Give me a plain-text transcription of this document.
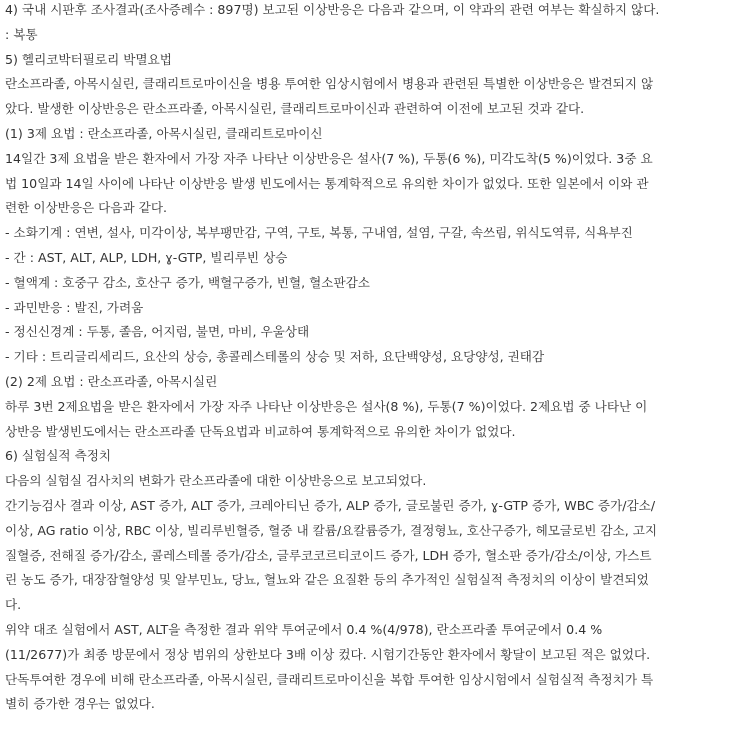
4) 국내 시판후 조사결과(조사증례수 : 897명) 보고된 이상반응은 다음과 같으며, 이 약과의 관련 여부는 확실하지 않다.
: 복통
5) 헬리코박터필로리 박멸요법
란소프라졸, 아목시실린, 클래리트로마이신을 병용 투여한 임상시험에서 병용과 관련된 특별한 이상반응은 발견되지 않
았다. 발생한 이상반응은 란소프라졸, 아목시실린, 클래리트로마이신과 관련하여 이전에 보고된 것과 같다.
(1) 3제 요법 : 란소프라졸, 아목시실린, 클래리트로마이신
14일간 3제 요법을 받은 환자에서 가장 자주 나타난 이상반응은 설사(7 %), 두통(6 %), 미각도착(5 %)이었다. 3중 요
법 10일과 14일 사이에 나타난 이상반응 발생 빈도에서는 통계학적으로 유의한 차이가 없었다. 또한 일본에서 이와 관
련한 이상반응은 다음과 같다.
- 소화기계 : 연변, 설사, 미각이상, 복부팽만감, 구역, 구토, 복통, 구내염, 설염, 구갈, 속쓰림, 위식도역류, 식욕부진
- 간 : AST, ALT, ALP, LDH, ɣ-GTP, 빌리루빈 상승
- 혈액계 : 호중구 감소, 호산구 증가, 백혈구증가, 빈혈, 혈소판감소
- 과민반응 : 발진, 가려움
- 정신신경계 : 두통, 졸음, 어지럼, 불면, 마비, 우울상태
- 기타 : 트리글리세리드, 요산의 상승, 총콜레스테롤의 상승 및 저하, 요단백양성, 요당양성, 권태감
(2) 2제 요법 : 란소프라졸, 아목시실린
하루 3번 2제요법을 받은 환자에서 가장 자주 나타난 이상반응은 설사(8 %), 두통(7 %)이었다. 2제요법 중 나타난 이
상반응 발생빈도에서는 란소프라졸 단독요법과 비교하여 통계학적으로 유의한 차이가 없었다.
6) 실험실적 측정치
다음의 실험실 검사치의 변화가 란소프라졸에 대한 이상반응으로 보고되었다.
간기능검사 결과 이상, AST 증가, ALT 증가, 크레아티닌 증가, ALP 증가, 글로불린 증가, ɣ-GTP 증가, WBC 증가/감소/
이상, AG ratio 이상, RBC 이상, 빌리루빈혈증, 혈중 내 칼륨/요칼륨증가, 결정형뇨, 호산구증가, 헤모글로빈 감소, 고지
질혈증, 전해질 증가/감소, 콜레스테롤 증가/감소, 글루코코르티코이드 증가, LDH 증가, 혈소판 증가/감소/이상, 가스트
린 농도 증가, 대장잠혈양성 및 알부민뇨, 당뇨, 혈뇨와 같은 요질환 등의 추가적인 실험실적 측정치의 이상이 발견되었
다.
위약 대조 실험에서 AST, ALT을 측정한 결과 위약 투여군에서 0.4 %(4/978), 란소프라졸 투여군에서 0.4 %
(11/2677)가 최종 방문에서 정상 범위의 상한보다 3배 이상 컸다. 시험기간동안 환자에서 황달이 보고된 적은 없었다.
단독투여한 경우에 비해 란소프라졸, 아목시실린, 클래리트로마이신을 복합 투여한 임상시험에서 실험실적 측정치가 특
별히 증가한 경우는 없었다.
